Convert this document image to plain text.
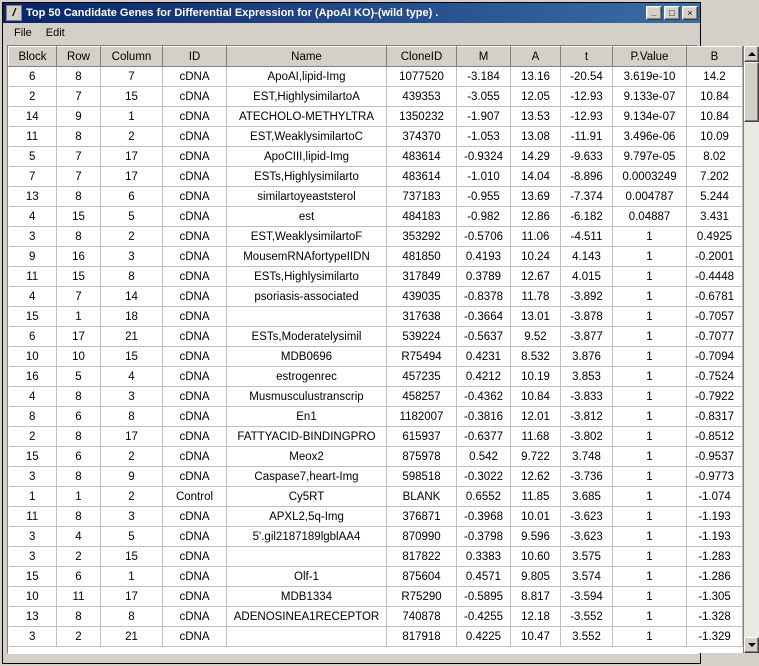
/ Top 50 Candidate Genes for Differential Expression for (ApoAI KO)-(wild type) .	_	□	×
File	Edit
Block	Row	Column	ID	Name	CloneID	M	A	t	P.Value	B
6	8	7	cDNA	ApoAI,lipid-Img	1077520	-3.184	13.16	-20.54	3.619e-10	14.2
2	7	15	cDNA	EST,HighlysimilartoA	439353	-3.055	12.05	-12.93	9.133e-07	10.84
14	9	1	cDNA	ATECHOLO-METHYLTRA	1350232	-1.907	13.53	-12.93	9.134e-07	10.84
11	8	2	cDNA	EST,WeaklysimilartoC	374370	-1.053	13.08	-11.91	3.496e-06	10.09
5	7	17	cDNA	ApoCIII,lipid-Img	483614	-0.9324	14.29	-9.633	9.797e-05	8.02
7	7	17	cDNA	ESTs,Highlysimilarto	483614	-1.010	14.04	-8.896	0.0003249	7.202
13	8	6	cDNA	similartoyeaststerol	737183	-0.955	13.69	-7.374	0.004787	5.244
4	15	5	cDNA	est	484183	-0.982	12.86	-6.182	0.04887	3.431
3	8	2	cDNA	EST,WeaklysimilartoF	353292	-0.5706	11.06	-4.511	1	0.4925
9	16	3	cDNA	MousemRNAfortypeIIDN	481850	0.4193	10.24	4.143	1	-0.2001
11	15	8	cDNA	ESTs,Highlysimilarto	317849	0.3789	12.67	4.015	1	-0.4448
4	7	14	cDNA	psoriasis-associated	439035	-0.8378	11.78	-3.892	1	-0.6781
15	1	18	cDNA		317638	-0.3664	13.01	-3.878	1	-0.7057
6	17	21	cDNA	ESTs,Moderatelysimil	539224	-0.5637	9.52	-3.877	1	-0.7077
10	10	15	cDNA	MDB0696	R75494	0.4231	8.532	3.876	1	-0.7094
16	5	4	cDNA	estrogenrec	457235	0.4212	10.19	3.853	1	-0.7524
4	8	3	cDNA	Musmusculustranscrip	458257	-0.4362	10.84	-3.833	1	-0.7922
8	6	8	cDNA	En1	1182007	-0.3816	12.01	-3.812	1	-0.8317
2	8	17	cDNA	FATTYACID-BINDINGPRO	615937	-0.6377	11.68	-3.802	1	-0.8512
15	6	2	cDNA	Meox2	875978	0.542	9.722	3.748	1	-0.9537
3	8	9	cDNA	Caspase7,heart-Img	598518	-0.3022	12.62	-3.736	1	-0.9773
1	1	2	Control	Cy5RT	BLANK	0.6552	11.85	3.685	1	-1.074
11	8	3	cDNA	APXL2,5q-Img	376871	-0.3968	10.01	-3.623	1	-1.193
3	4	5	cDNA	5'.gil2187189lgblAA4	870990	-0.3798	9.596	-3.623	1	-1.193
3	2	15	cDNA		817822	0.3383	10.60	3.575	1	-1.283
15	6	1	cDNA	Olf-1	875604	0.4571	9.805	3.574	1	-1.286
10	11	17	cDNA	MDB1334	R75290	-0.5895	8.817	-3.594	1	-1.305
13	8	8	cDNA	ADENOSINEA1RECEPTOR	740878	-0.4255	12.18	-3.552	1	-1.328
3	2	21	cDNA		817918	0.4225	10.47	3.552	1	-1.329
